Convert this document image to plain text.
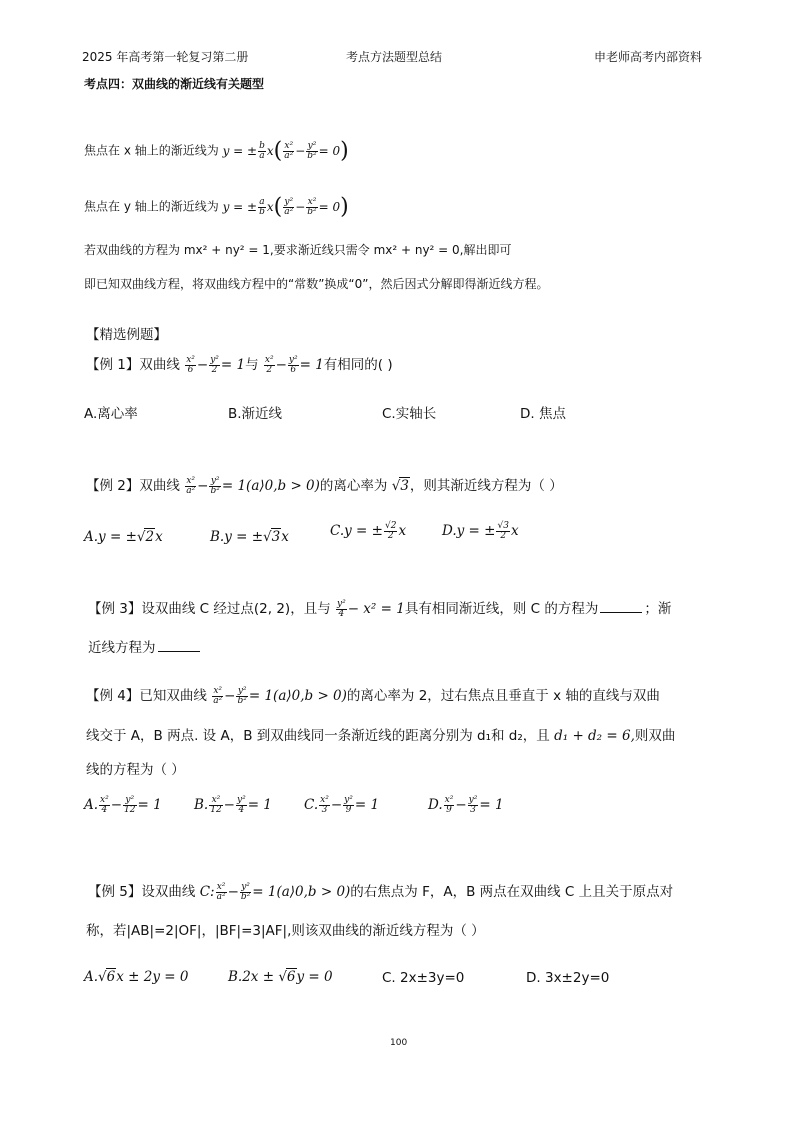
2025 年高考第一轮复习第二册	考点方法题型总结	申老师高考内部资料
考点四：双曲线的渐近线有关题型
焦点在 x 轴上的渐近线为 y = ± $\frac{b}{a} x( \frac{\text{x²}}{\text{a²}} - \frac{\text{y²}}{\text{b²}} = 0)$
焦点在 y 轴上的渐近线为 y = ± $\frac{a}{b} x( \frac{\text{y²}}{\text{a²}} - \frac{\text{x²}}{\text{b²}} = 0)$
若双曲线的方程为 mx² + ny² = 1,要求渐近线只需令 mx² + ny² = 0,解出即可
即已知双曲线方程，将双曲线方程中的“常数”换成“0”，然后因式分解即得渐近线方程。
【精选例题】
【例 1】双曲线 $\frac{\text{x²}}{6} - \frac{\text{y²}}{2} = 1$与 $\frac{\text{x²}}{2} - \frac{\text{y²}}{6} = 1$有相同的( )
A.离心率	B.渐近线	C.实轴长	D. 焦点
【例 2】双曲线 $\frac{\text{x²}}{\text{a²}} - \frac{\text{y²}}{\text{b²}}$ = 1(a⟩0,b > 0)的离心率为 √3，则其渐近线方程为（ ）
A.y = ±√2x	B.y = ±√3x	C.y = ± $\frac{√2}{2}$ x	D.y = ± $\frac{√3}{2}$ x
【例 3】设双曲线 C 经过点(2, 2)，且与 $\frac{\text{y²}}{4} - x^2 = 1$具有相同渐近线，则 C 的方程为	；渐
近线方程为
【例 4】已知双曲线 $\frac{\text{x²}}{\text{a²}} - \frac{\text{y²}}{\text{b²}}$ = 1(a⟩0,b > 0)的离心率为 2，过右焦点且垂直于 x 轴的直线与双曲
线交于 A，B 两点. 设 A，B 到双曲线同一条渐近线的距离分别为 d₁和 d₂，且 d₁ + d₂ = 6,则双曲
线的方程为（ ）
A. $\frac{\text{x²}}{4} - \frac{\text{y²}}{12} = 1$ B. $\frac{\text{x²}}{12} - \frac{\text{y²}}{4} = 1$ C. $\frac{\text{x²}}{3} - \frac{\text{y²}}{9} = 1$	D. $\frac{\text{x²}}{9} - \frac{\text{y²}}{3} = 1$
【例 5】设双曲线 C: $\frac{\text{x²}}{\text{a²}} - \frac{\text{y²}}{\text{b²}}$ = 1(a⟩0,b > 0)的右焦点为 F，A，B 两点在双曲线 C 上且关于原点对
称，若|AB|=2|OF|，|BF|=3|AF|,则该双曲线的渐近线方程为（ ）
A.√6x ± 2y = 0	B.2x ± √6y = 0	C. 2x±3y=0	D. 3x±2y=0
100
